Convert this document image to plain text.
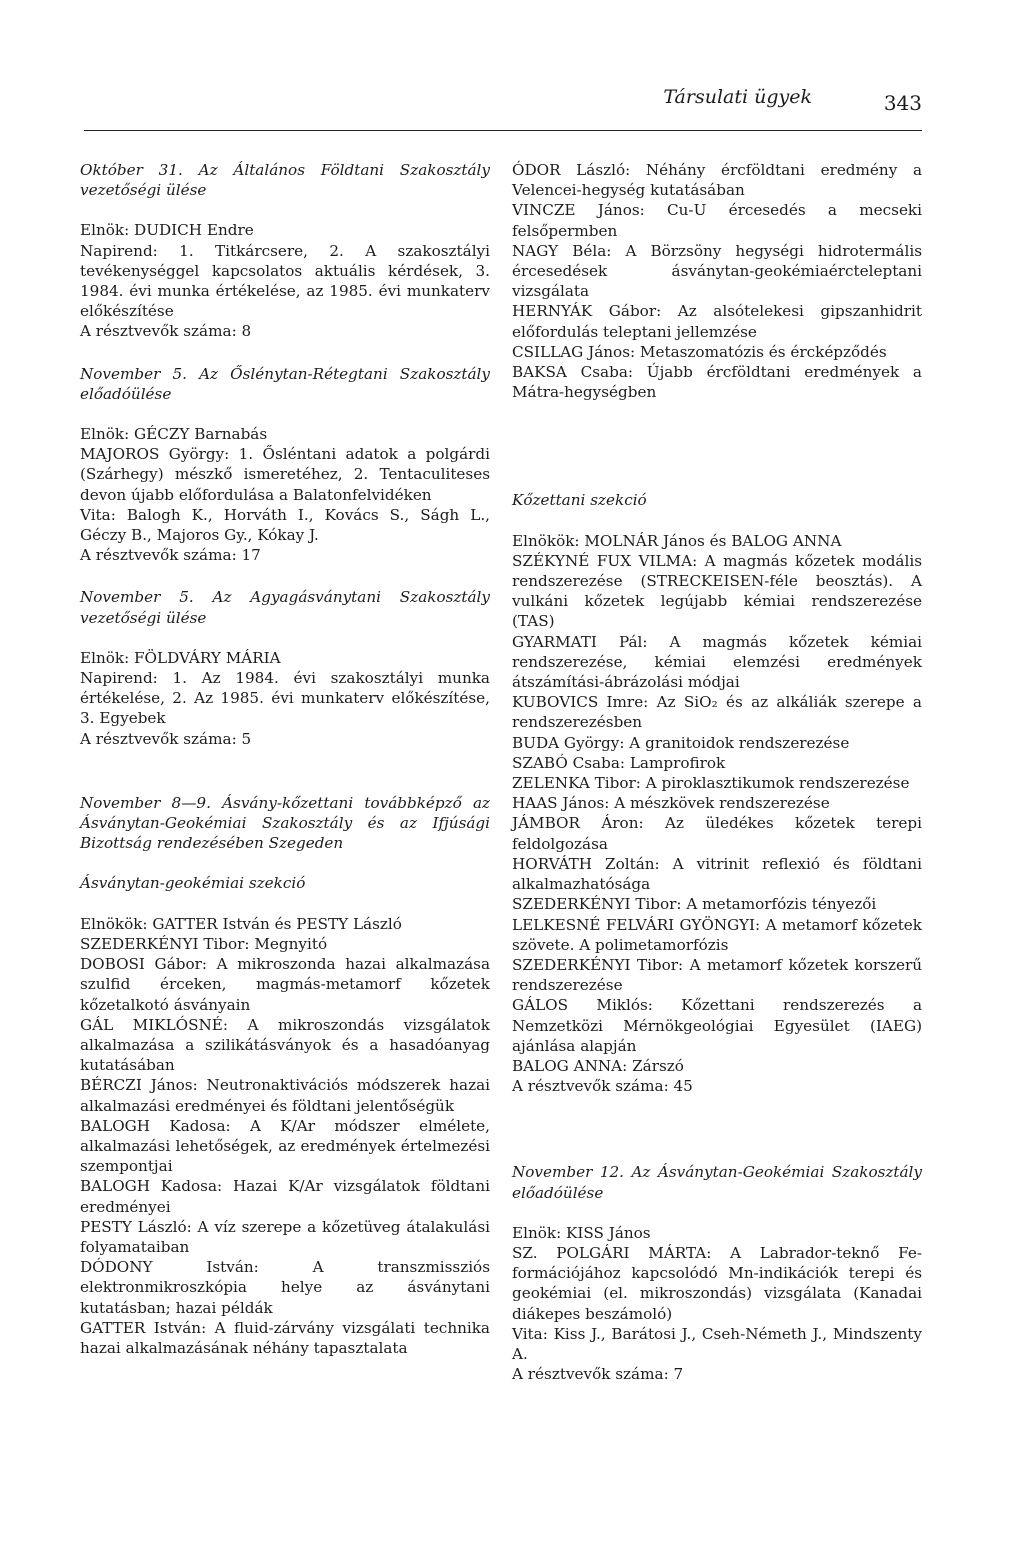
Társulati ügyek	343

Október 31. Az Általános Földtani Szakosztály vezetőségi ülése

Elnök: DUDICH Endre

Napirend: 1. Titkárcsere, 2. A szakosztályi tevékenységgel kapcsolatos aktuális kérdések, 3. 1984. évi munka értékelése, az 1985. évi munkaterv előkészítése

A résztvevők száma: 8

November 5. Az Őslénytan-Rétegtani Szakosztály előadóülése

Elnök: GÉCZY Barnabás

MAJOROS György: 1. Ősléntani adatok a polgárdi (Szárhegy) mészkő ismeretéhez, 2. Tentaculiteses devon újabb előfordulása a Balatonfelvidéken

Vita: Balogh K., Horváth I., Kovács S., Ságh L., Géczy B., Majoros Gy., Kókay J.

A résztvevők száma: 17

November 5. Az Agyagásványtani Szakosztály vezetőségi ülése

Elnök: FÖLDVÁRY MÁRIA

Napirend: 1. Az 1984. évi szakosztályi munka értékelése, 2. Az 1985. évi munkaterv előkészítése, 3. Egyebek

A résztvevők száma: 5

November 8—9. Ásvány-kőzettani továbbképző az Ásványtan-Geokémiai Szakosztály és az Ifjúsági Bizottság rendezésében Szegeden

Ásványtan-geokémiai szekció

Elnökök: GATTER István és PESTY László

SZEDERKÉNYI Tibor: Megnyitó

DOBOSI Gábor: A mikroszonda hazai alkalmazása szulfid érceken, magmás-metamorf kőzetek kőzetalkotó ásványain

GÁL MIKLÓSNÉ: A mikroszondás vizsgálatok alkalmazása a szilikátásványok és a hasadóanyag kutatásában

BÉRCZI János: Neutronaktivációs módszerek hazai alkalmazási eredményei és földtani jelentőségük

BALOGH Kadosa: A K/Ar módszer elmélete, alkalmazási lehetőségek, az eredmények értelmezési szempontjai

BALOGH Kadosa: Hazai K/Ar vizsgálatok földtani eredményei

PESTY László: A víz szerepe a kőzetüveg átalakulási folyamataiban

DÓDONY István: A transzmissziós elektronmikroszkópia helye az ásványtani kutatásban; hazai példák

GATTER István: A fluid-zárvány vizsgálati technika hazai alkalmazásának néhány tapasztalata

ÓDOR László: Néhány ércföldtani eredmény a Velencei-hegység kutatásában

VINCZE János: Cu-U ércesedés a mecseki felsőpermben

NAGY Béla: A Börzsöny hegységi hidrotermális ércesedések ásványtan-geokémiaércteleptani vizsgálata

HERNYÁK Gábor: Az alsótelekesi gipszanhidrit előfordulás teleptani jellemzése

CSILLAG János: Metaszomatózis és ércképződés

BAKSA Csaba: Újabb ércföldtani eredmények a Mátra-hegységben

Kőzettani szekció

Elnökök: MOLNÁR János és BALOG ANNA

SZÉKYNÉ FUX VILMA: A magmás kőzetek modális rendszerezése (STRECKEISEN-féle beosztás). A vulkáni kőzetek legújabb kémiai rendszerezése (TAS)

GYARMATI Pál: A magmás kőzetek kémiai rendszerezése, kémiai elemzési eredmények átszámítási-ábrázolási módjai

KUBOVICS Imre: Az SiO₂ és az alkáliák szerepe a rendszerezésben

BUDA György: A granitoidok rendszerezése

SZABÓ Csaba: Lamprofirok

ZELENKA Tibor: A piroklasztikumok rendszerezése

HAAS János: A mészkövek rendszerezése

JÁMBOR Áron: Az üledékes kőzetek terepi feldolgozása

HORVÁTH Zoltán: A vitrinit reflexió és földtani alkalmazhatósága

SZEDERKÉNYI Tibor: A metamorfózis tényezői

LELKESNÉ FELVÁRI GYÖNGYI: A metamorf kőzetek szövete. A polimetamorfózis

SZEDERKÉNYI Tibor: A metamorf kőzetek korszerű rendszerezése

GÁLOS Miklós: Kőzettani rendszerezés a Nemzetközi Mérnökgeológiai Egyesület (IAEG) ajánlása alapján

BALOG ANNA: Zárszó

A résztvevők száma: 45

November 12. Az Ásványtan-Geokémiai Szakosztály előadóülése

Elnök: KISS János

SZ. POLGÁRI MÁRTA: A Labrador-teknő Fe-formációjához kapcsolódó Mn-indikációk terepi és geokémiai (el. mikroszondás) vizsgálata (Kanadai diákepes beszámoló)

Vita: Kiss J., Barátosi J., Cseh-Németh J., Mindszenty A.

A résztvevők száma: 7
